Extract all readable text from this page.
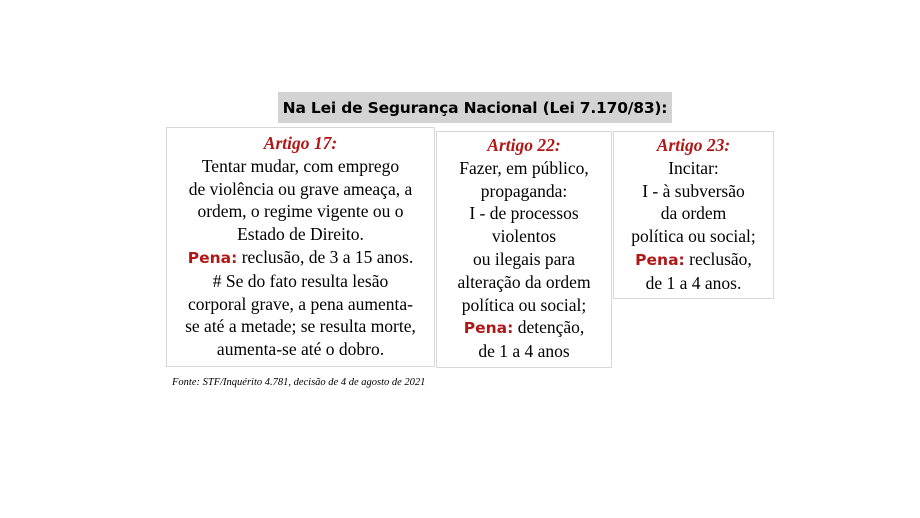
Na Lei de Segurança Nacional (Lei 7.170/83):
Artigo 17:
Tentar mudar, com emprego
de violência ou grave ameaça, a
ordem, o regime vigente ou o
Estado de Direito.
Pena: reclusão, de 3 a 15 anos.
# Se do fato resulta lesão
corporal grave, a pena aumenta-
se até a metade; se resulta morte,
aumenta-se até o dobro.
Artigo 22:
Fazer, em público,
propaganda:
I - de processos
violentos
ou ilegais para
alteração da ordem
política ou social;
Pena: detenção,
de 1 a 4 anos
Artigo 23:
Incitar:
I - à subversão
da ordem
política ou social;
Pena: reclusão,
de 1 a 4 anos.
Fonte: STF/Inquérito 4.781, decisão de 4 de agosto de 2021
